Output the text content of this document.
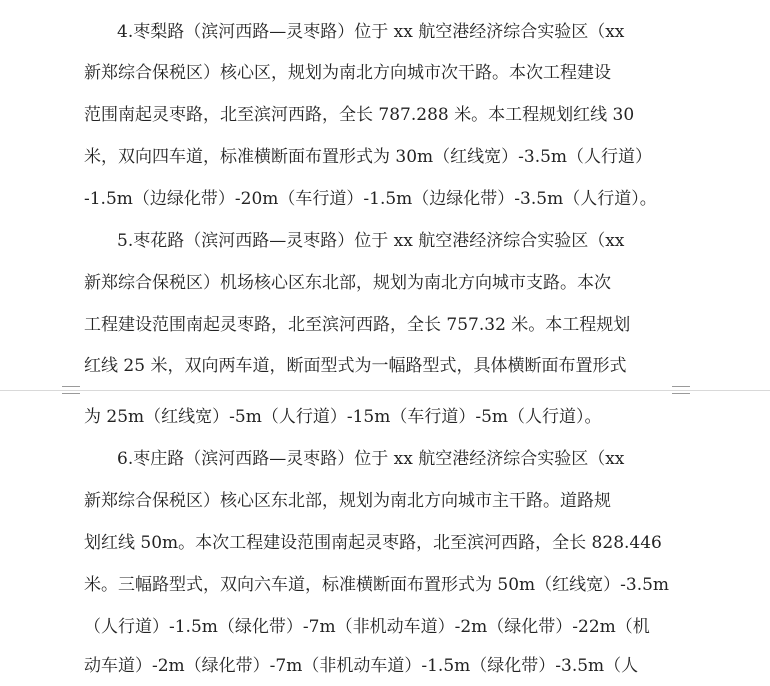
4.枣梨路（滨河西路—灵枣路）位于 xx 航空港经济综合实验区（xx
新郑综合保税区）核心区，规划为南北方向城市次干路。本次工程建设
范围南起灵枣路，北至滨河西路，全长 787.288 米。本工程规划红线 30
米，双向四车道，标准横断面布置形式为 30m（红线宽）-3.5m（人行道）
-1.5m（边绿化带）-20m（车行道）-1.5m（边绿化带）-3.5m（人行道）。
5.枣花路（滨河西路—灵枣路）位于 xx 航空港经济综合实验区（xx
新郑综合保税区）机场核心区东北部，规划为南北方向城市支路。本次
工程建设范围南起灵枣路，北至滨河西路，全长 757.32 米。本工程规划
红线 25 米，双向两车道，断面型式为一幅路型式，具体横断面布置形式
为 25m（红线宽）-5m（人行道）-15m（车行道）-5m（人行道）。
6.枣庄路（滨河西路—灵枣路）位于 xx 航空港经济综合实验区（xx
新郑综合保税区）核心区东北部，规划为南北方向城市主干路。道路规
划红线 50m。本次工程建设范围南起灵枣路，北至滨河西路，全长 828.446
米。三幅路型式，双向六车道，标准横断面布置形式为 50m（红线宽）-3.5m
（人行道）-1.5m（绿化带）-7m（非机动车道）-2m（绿化带）-22m（机
动车道）-2m（绿化带）-7m（非机动车道）-1.5m（绿化带）-3.5m（人
